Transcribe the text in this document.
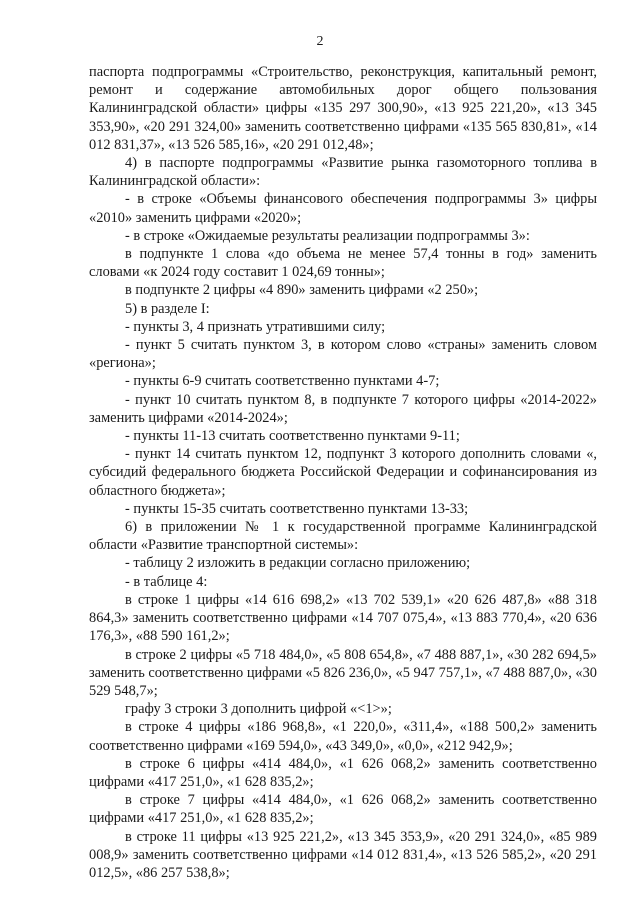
2

паспорта подпрограммы «Строительство, реконструкция, капитальный ремонт, ремонт и содержание автомобильных дорог общего пользования Калининградской области» цифры «135 297 300,90», «13 925 221,20», «13 345 353,90», «20 291 324,00» заменить соответственно цифрами «135 565 830,81», «14 012 831,37», «13 526 585,16», «20 291 012,48»;

4) в паспорте подпрограммы «Развитие рынка газомоторного топлива в Калининградской области»:

- в строке «Объемы финансового обеспечения подпрограммы 3» цифры «2010» заменить цифрами «2020»;

- в строке «Ожидаемые результаты реализации подпрограммы 3»:

в подпункте 1 слова «до объема не менее 57,4 тонны в год» заменить словами «к 2024 году составит 1 024,69 тонны»;

в подпункте 2 цифры «4 890» заменить цифрами «2 250»;

5) в разделе I:

- пункты 3, 4 признать утратившими силу;

- пункт 5 считать пунктом 3, в котором слово «страны» заменить словом «региона»;

- пункты 6-9 считать соответственно пунктами 4-7;

- пункт 10 считать пунктом 8, в подпункте 7 которого цифры «2014-2022» заменить цифрами «2014-2024»;

- пункты 11-13 считать соответственно пунктами 9-11;

- пункт 14 считать пунктом 12, подпункт 3 которого дополнить словами «, субсидий федерального бюджета Российской Федерации и софинансирования из областного бюджета»;

- пункты 15-35 считать соответственно пунктами 13-33;

6) в приложении № 1 к государственной программе Калининградской области «Развитие транспортной системы»:

- таблицу 2 изложить в редакции согласно приложению;

- в таблице 4:

в строке 1 цифры «14 616 698,2» «13 702 539,1» «20 626 487,8» «88 318 864,3» заменить соответственно цифрами «14 707 075,4», «13 883 770,4», «20 636 176,3», «88 590 161,2»;

в строке 2 цифры «5 718 484,0», «5 808 654,8», «7 488 887,1», «30 282 694,5» заменить соответственно цифрами «5 826 236,0», «5 947 757,1», «7 488 887,0», «30 529 548,7»;

графу 3 строки 3 дополнить цифрой «<1>»;

в строке 4 цифры «186 968,8», «1 220,0», «311,4», «188 500,2» заменить соответственно цифрами «169 594,0», «43 349,0», «0,0», «212 942,9»;

в строке 6 цифры «414 484,0», «1 626 068,2» заменить соответственно цифрами «417 251,0», «1 628 835,2»;

в строке 7 цифры «414 484,0», «1 626 068,2» заменить соответственно цифрами «417 251,0», «1 628 835,2»;

в строке 11 цифры «13 925 221,2», «13 345 353,9», «20 291 324,0», «85 989 008,9» заменить соответственно цифрами «14 012 831,4», «13 526 585,2», «20 291 012,5», «86 257 538,8»;
